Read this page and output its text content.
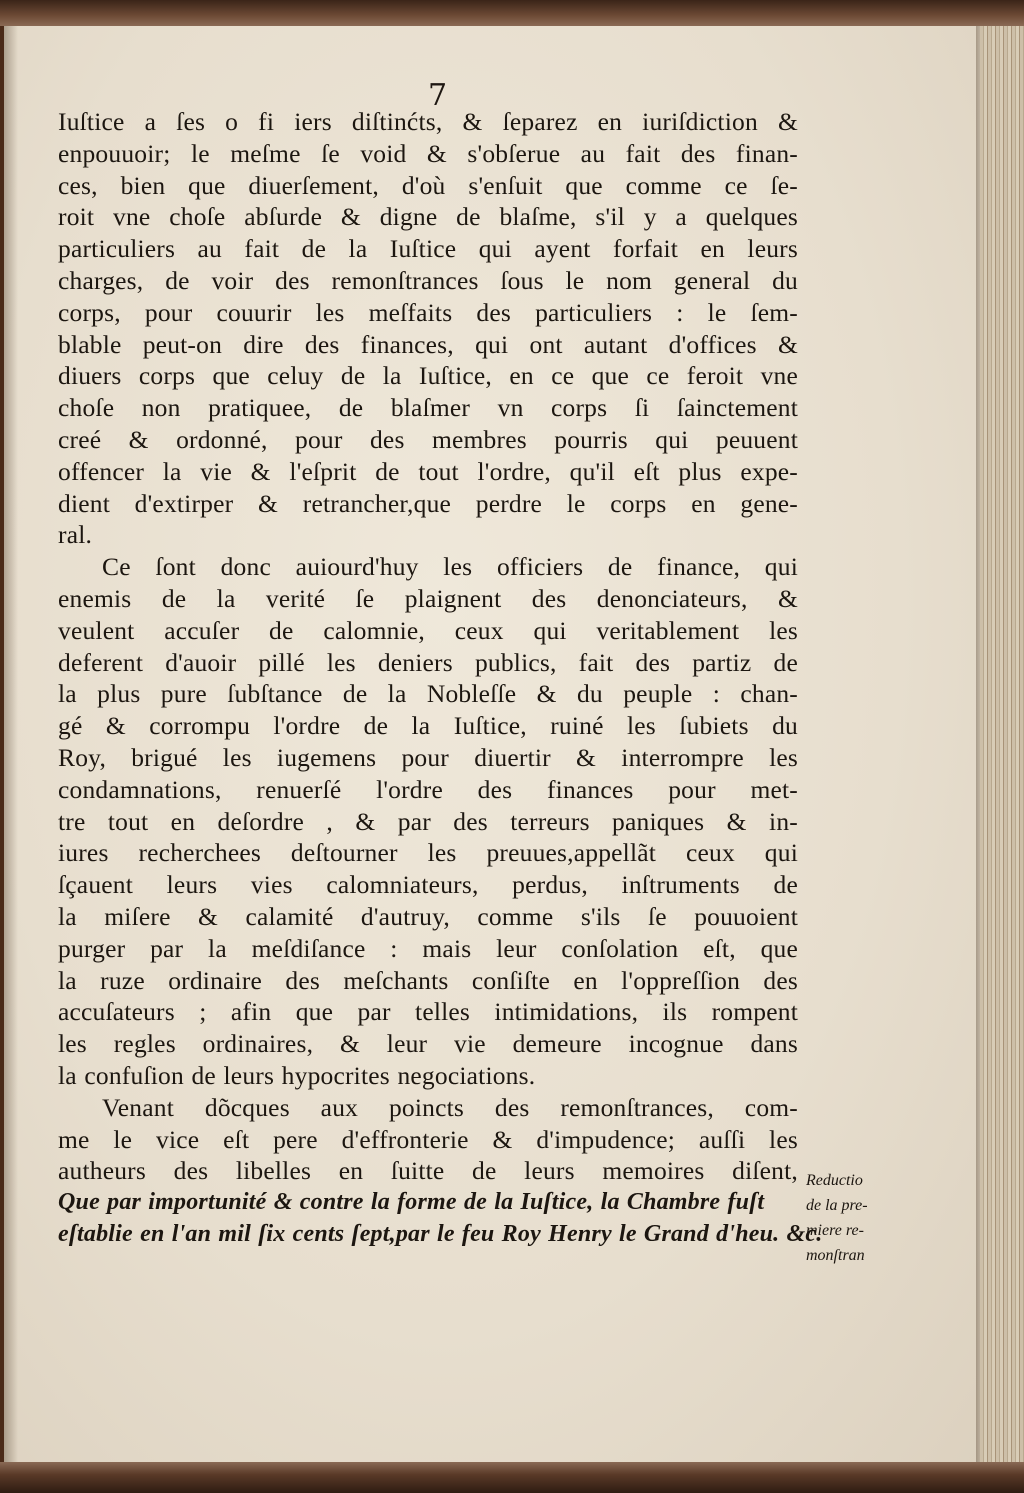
7
Iuſtice a ſes o fi iers diſtinćts, & ſeparez en iuriſdiction &
enpouuoir; le meſme ſe void & s'obſerue au fait des finan-
ces, bien que diuerſement, d'où s'enſuit que comme ce ſe-
roit vne choſe abſurde & digne de blaſme, s'il y a quelques
particuliers au fait de la Iuſtice qui ayent forfait en leurs
charges, de voir des remonſtrances ſous le nom general du
corps, pour couurir les meſfaits des particuliers : le ſem-
blable peut-on dire des finances, qui ont autant d'offices &
diuers corps que celuy de la Iuſtice, en ce que ce feroit vne
choſe non pratiquee, de blaſmer vn corps ſi ſainctement
creé & ordonné, pour des membres pourris qui peuuent
offencer la vie & l'eſprit de tout l'ordre, qu'il eſt plus expe-
dient d'extirper & retrancher,que perdre le corps en gene-
ral.
Ce ſont donc auiourd'huy les officiers de finance, qui
enemis de la verité ſe plaignent des denonciateurs, &
veulent accuſer de calomnie, ceux qui veritablement les
deferent d'auoir pillé les deniers publics, fait des partiz de
la plus pure ſubſtance de la Nobleſſe & du peuple : chan-
gé & corrompu l'ordre de la Iuſtice, ruiné les ſubiets du
Roy, brigué les iugemens pour diuertir & interrompre les
condamnations, renuerſé l'ordre des finances pour met-
tre tout en deſordre , & par des terreurs paniques & in-
iures recherchees deſtourner les preuues,appellãt ceux qui
ſçauent leurs vies calomniateurs, perdus, inſtruments de
la miſere & calamité d'autruy, comme s'ils ſe pouuoient
purger par la meſdiſance : mais leur conſolation eſt, que
la ruze ordinaire des meſchants conſiſte en l'oppreſſion des
accuſateurs ; afin que par telles intimidations, ils rompent
les regles ordinaires, & leur vie demeure incognue dans
la confuſion de leurs hypocrites negociations.
Venant dõcques aux poincts des remonſtrances, com-
me le vice eſt pere d'effronterie & d'impudence; auſſi les
autheurs des libelles en ſuitte de leurs memoires diſent,
Que par importunité & contre la forme de la Iuſtice, la Chambre fuſt
eſtablie en l'an mil ſix cents ſept,par le feu Roy Henry le Grand d'heu. &c.
Reductio
de la pre-
miere re-
monſtran
